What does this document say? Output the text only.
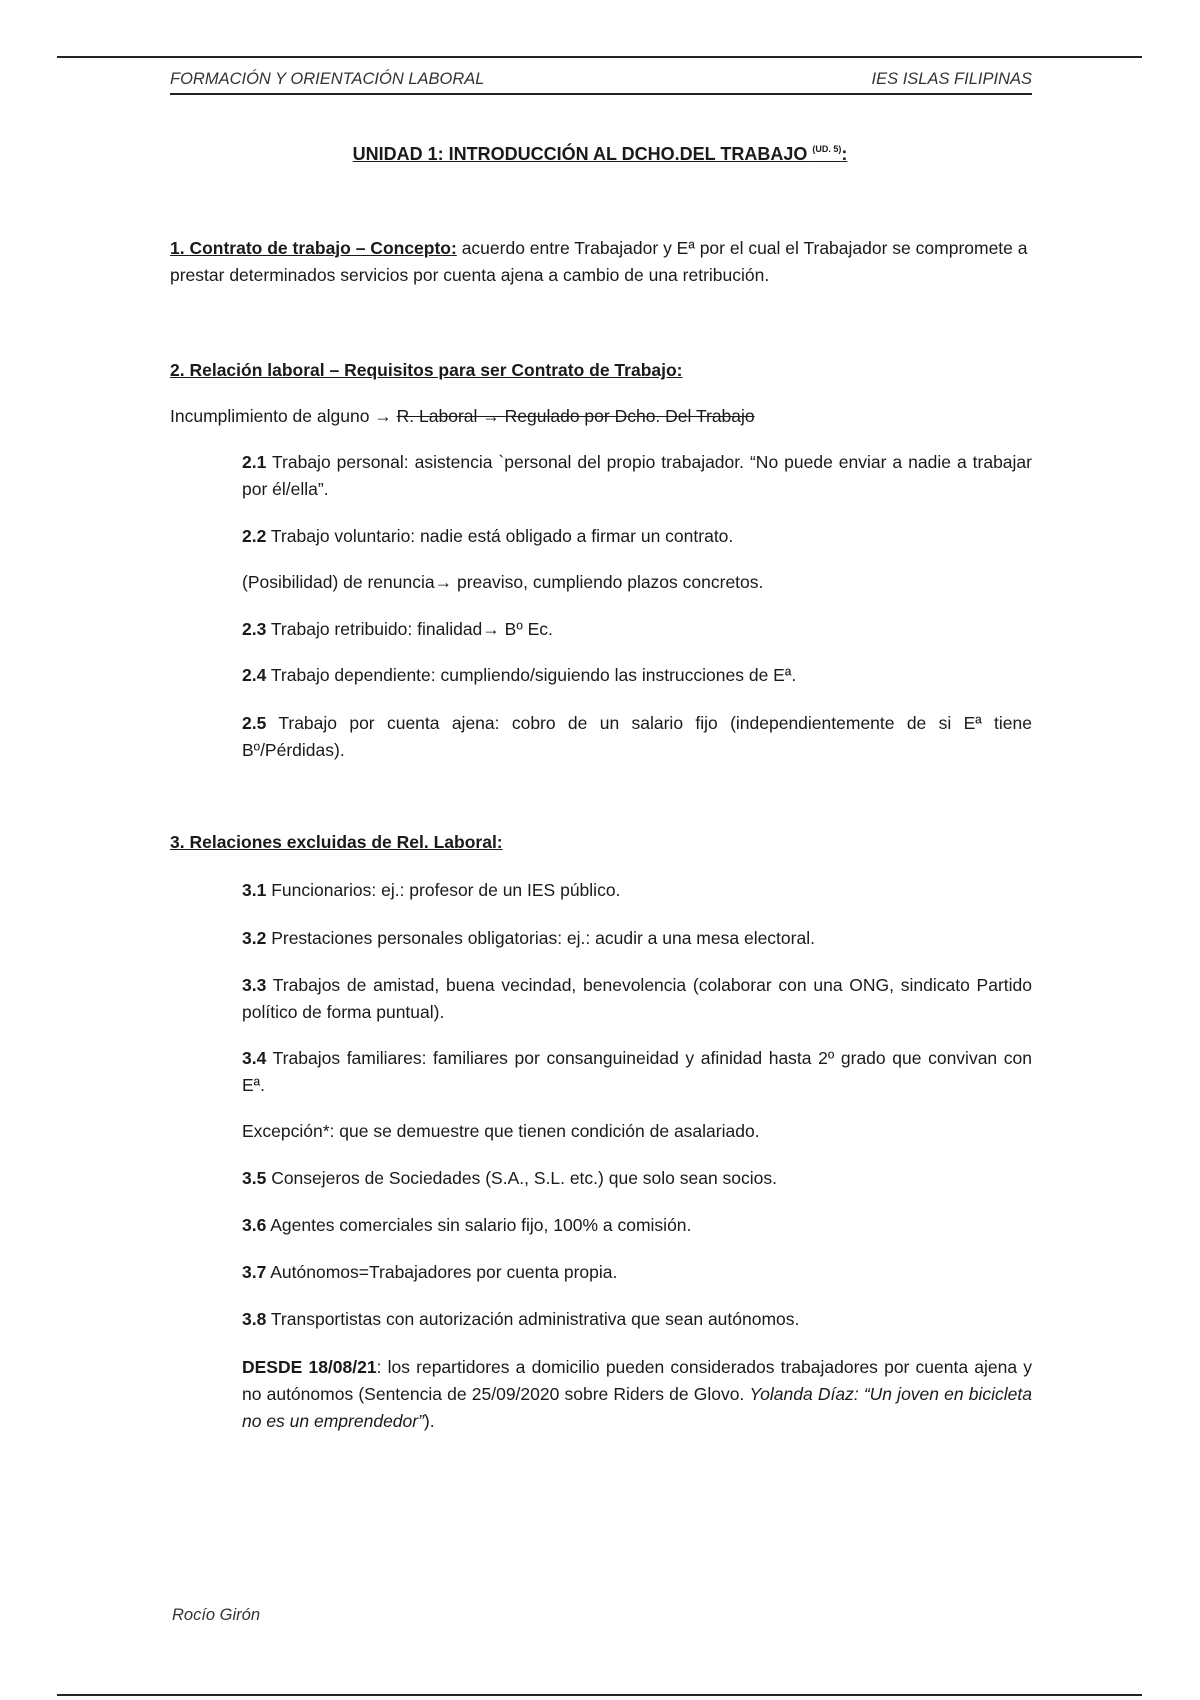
FORMACIÓN Y ORIENTACIÓN LABORAL	IES ISLAS FILIPINAS
UNIDAD 1: INTRODUCCIÓN AL DCHO.DEL TRABAJO $^{(UD. 5)}$:
1. Contrato de trabajo – Concepto: acuerdo entre Trabajador y Eª por el cual el Trabajador se compromete a prestar determinados servicios por cuenta ajena a cambio de una retribución.
2. Relación laboral – Requisitos para ser Contrato de Trabajo:
Incumplimiento de alguno → R. Laboral → Regulado por Dcho. Del Trabajo
2.1 Trabajo personal: asistencia `personal del propio trabajador. “No puede enviar a nadie a trabajar por él/ella”.
2.2 Trabajo voluntario: nadie está obligado a firmar un contrato.
(Posibilidad) de renuncia→ preaviso, cumpliendo plazos concretos.
2.3 Trabajo retribuido: finalidad→ Bº Ec.
2.4 Trabajo dependiente: cumpliendo/siguiendo las instrucciones de Eª.
2.5 Trabajo por cuenta ajena: cobro de un salario fijo (independientemente de si Eª tiene Bº/Pérdidas).
3. Relaciones excluidas de Rel. Laboral:
3.1 Funcionarios: ej.: profesor de un IES público.
3.2 Prestaciones personales obligatorias: ej.: acudir a una mesa electoral.
3.3 Trabajos de amistad, buena vecindad, benevolencia (colaborar con una ONG, sindicato Partido político de forma puntual).
3.4 Trabajos familiares: familiares por consanguineidad y afinidad hasta 2º grado que convivan con Eª.
Excepción*: que se demuestre que tienen condición de asalariado.
3.5 Consejeros de Sociedades (S.A., S.L. etc.) que solo sean socios.
3.6 Agentes comerciales sin salario fijo, 100% a comisión.
3.7 Autónomos=Trabajadores por cuenta propia.
3.8 Transportistas con autorización administrativa que sean autónomos.
DESDE 18/08/21: los repartidores a domicilio pueden considerados trabajadores por cuenta ajena y no autónomos (Sentencia de 25/09/2020 sobre Riders de Glovo. Yolanda Díaz: “Un joven en bicicleta no es un emprendedor”).
Rocío Girón
